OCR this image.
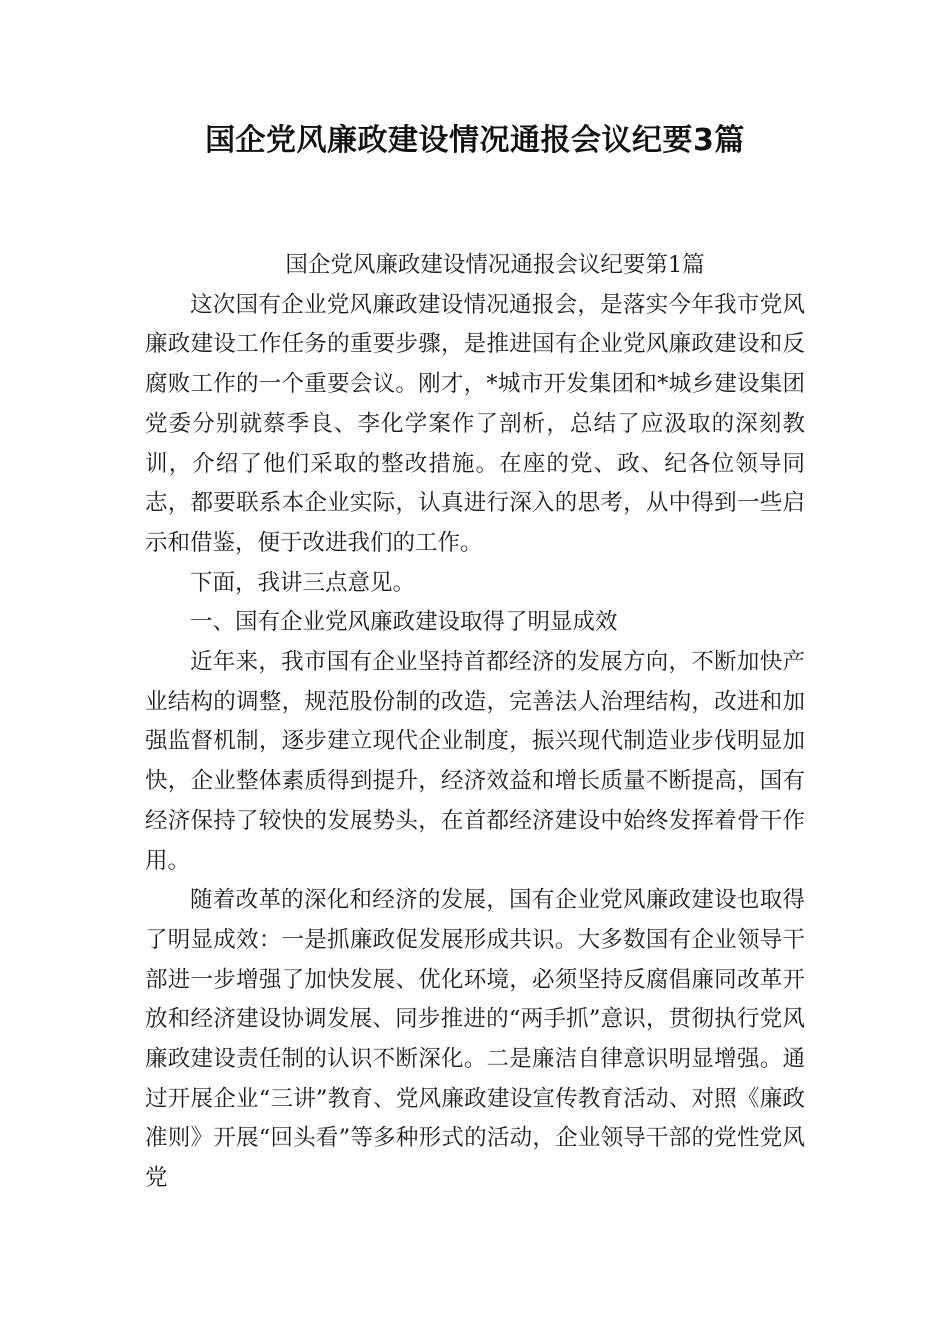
国企党风廉政建设情况通报会议纪要3篇

国企党风廉政建设情况通报会议纪要第1篇

这次国有企业党风廉政建设情况通报会，是落实今年我市党风廉政建设工作任务的重要步骤，是推进国有企业党风廉政建设和反腐败工作的一个重要会议。刚才，*城市开发集团和*城乡建设集团党委分别就蔡季良、李化学案作了剖析，总结了应汲取的深刻教训，介绍了他们采取的整改措施。在座的党、政、纪各位领导同志，都要联系本企业实际，认真进行深入的思考，从中得到一些启示和借鉴，便于改进我们的工作。

下面，我讲三点意见。

一、国有企业党风廉政建设取得了明显成效

近年来，我市国有企业坚持首都经济的发展方向，不断加快产业结构的调整，规范股份制的改造，完善法人治理结构，改进和加强监督机制，逐步建立现代企业制度，振兴现代制造业步伐明显加快，企业整体素质得到提升，经济效益和增长质量不断提高，国有经济保持了较快的发展势头，在首都经济建设中始终发挥着骨干作用。

随着改革的深化和经济的发展，国有企业党风廉政建设也取得了明显成效：一是抓廉政促发展形成共识。大多数国有企业领导干部进一步增强了加快发展、优化环境，必须坚持反腐倡廉同改革开放和经济建设协调发展、同步推进的“两手抓”意识，贯彻执行党风廉政建设责任制的认识不断深化。二是廉洁自律意识明显增强。通过开展企业“三讲”教育、党风廉政建设宣传教育活动、对照《廉政准则》开展“回头看”等多种形式的活动，企业领导干部的党性党风党
